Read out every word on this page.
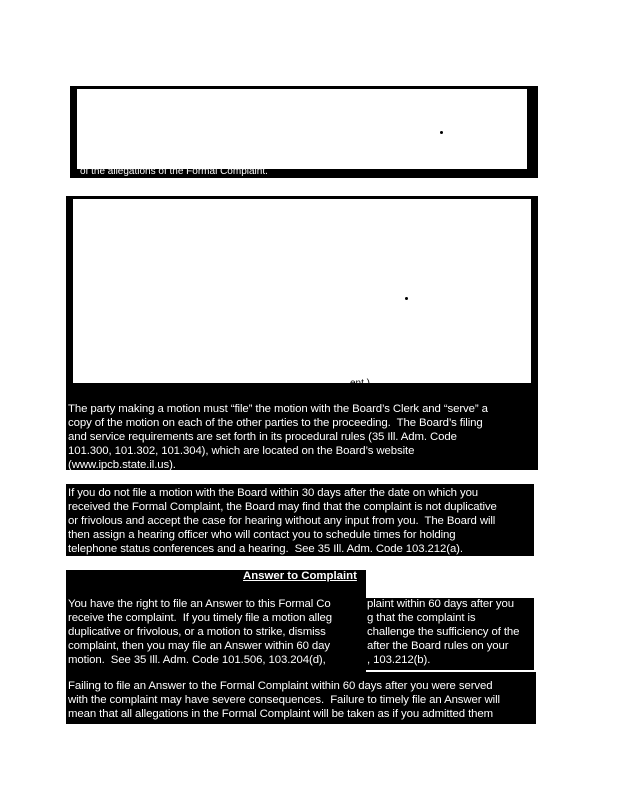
of the allegations of the Formal Complaint.
ent.)
The party making a motion must “file” the motion with the Board’s Clerk and “serve” a
copy of the motion on each of the other parties to the proceeding.  The Board’s filing
and service requirements are set forth in its procedural rules (35 Ill. Adm. Code
101.300, 101.302, 101.304), which are located on the Board’s website
(www.ipcb.state.il.us).
If you do not file a motion with the Board within 30 days after the date on which you
received the Formal Complaint, the Board may find that the complaint is not duplicative
or frivolous and accept the case for hearing without any input from you.  The Board will
then assign a hearing officer who will contact you to schedule times for holding
telephone status conferences and a hearing.  See 35 Ill. Adm. Code 103.212(a).
Answer to Complaint
You have the right to file an Answer to this Formal Co
receive the complaint.  If you timely file a motion alleg
duplicative or frivolous, or a motion to strike, dismiss
complaint, then you may file an Answer within 60 day
motion.  See 35 Ill. Adm. Code 101.506, 103.204(d),
plaint within 60 days after you
g that the complaint is
challenge the sufficiency of the
after the Board rules on your
, 103.212(b).
Failing to file an Answer to the Formal Complaint within 60 days after you were served
with the complaint may have severe consequences.  Failure to timely file an Answer will
mean that all allegations in the Formal Complaint will be taken as if you admitted them
